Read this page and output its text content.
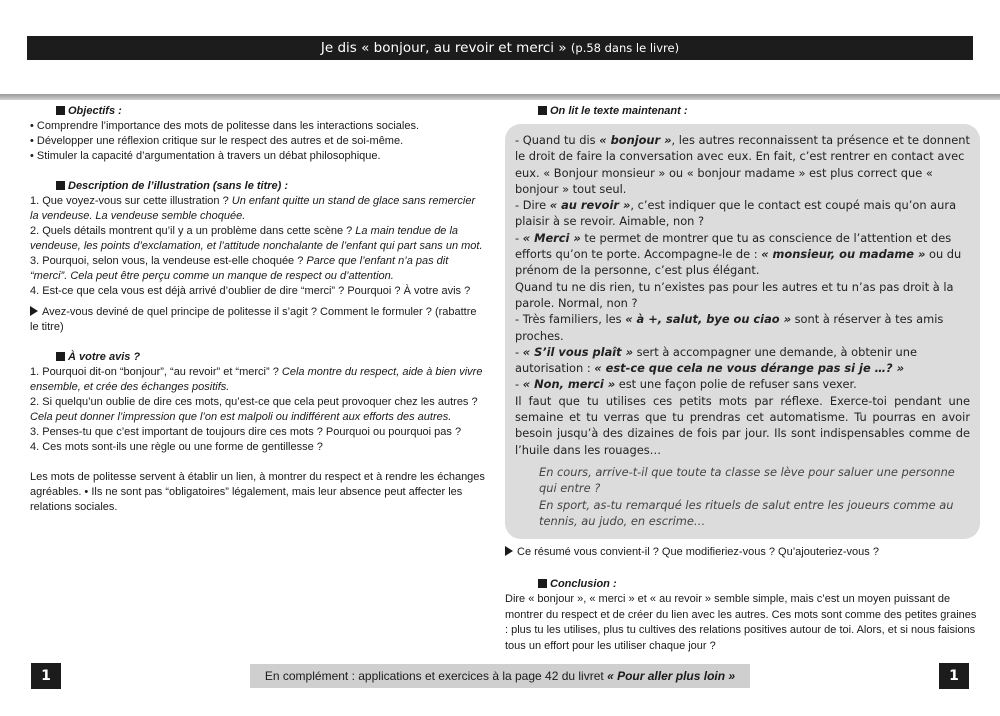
Je dis « bonjour, au revoir et merci » (p.58 dans le livre)

Objectifs :

• Comprendre l’importance des mots de politesse dans les interactions sociales.
• Développer une réflexion critique sur le respect des autres et de soi-même.
• Stimuler la capacité d’argumentation à travers un débat philosophique.

Description de l’illustration (sans le titre) :

1. Que voyez-vous sur cette illustration ? Un enfant quitte un stand de glace sans remercier la vendeuse. La vendeuse semble choquée.

2. Quels détails montrent qu’il y a un problème dans cette scène ? La main tendue de la vendeuse, les points d’exclamation, et l’attitude nonchalante de l’enfant qui part sans un mot.

3. Pourquoi, selon vous, la vendeuse est-elle choquée ? Parce que l’enfant n’a pas dit “merci”. Cela peut être perçu comme un manque de respect ou d’attention.

4. Est-ce que cela vous est déjà arrivé d’oublier de dire “merci” ? Pourquoi ? À votre avis ?

Avez-vous deviné de quel principe de politesse il s’agit ? Comment le formuler ? (rabattre le titre)

À votre avis ?

1. Pourquoi dit-on “bonjour”, “au revoir” et “merci” ? Cela montre du respect, aide à bien vivre ensemble, et crée des échanges positifs.

2. Si quelqu’un oublie de dire ces mots, qu’est-ce que cela peut provoquer chez les autres ? Cela peut donner l’impression que l’on est malpoli ou indifférent aux efforts des autres.

3. Penses-tu que c’est important de toujours dire ces mots ? Pourquoi ou pourquoi pas ?

4. Ces mots sont-ils une règle ou une forme de gentillesse ?

Les mots de politesse servent à établir un lien, à montrer du respect et à rendre les échanges agréables. • Ils ne sont pas “obligatoires” légalement, mais leur absence peut affecter les relations sociales.

On lit le texte maintenant :

- Quand tu dis « bonjour », les autres reconnaissent ta présence et te donnent le droit de faire la conversation avec eux. En fait, c’est rentrer en contact avec eux. « Bonjour monsieur » ou « bonjour madame » est plus correct que « bonjour » tout seul.

- Dire « au revoir », c’est indiquer que le contact est coupé mais qu’on aura plaisir à se revoir. Aimable, non ?

- « Merci » te permet de montrer que tu as conscience de l’attention et des efforts qu’on te porte. Accompagne-le de : « monsieur, ou madame » ou du prénom de la personne, c’est plus élégant.

Quand tu ne dis rien, tu n’existes pas pour les autres et tu n’as pas droit à la parole. Normal, non ?

- Très familiers, les « à +, salut, bye ou ciao » sont à réserver à tes amis proches.

- « S’il vous plaît » sert à accompagner une demande, à obtenir une autorisation : « est-ce que cela ne vous dérange pas si je …? »

- « Non, merci » est une façon polie de refuser sans vexer.

Il faut que tu utilises ces petits mots par réflexe. Exerce-toi pendant une semaine et tu verras que tu prendras cet automatisme. Tu pourras en avoir besoin jusqu’à des dizaines de fois par jour. Ils sont indispensables comme de l’huile dans les rouages…

En cours, arrive-t-il que toute ta classe se lève pour saluer une personne qui entre ?

En sport, as-tu remarqué les rituels de salut entre les joueurs comme au tennis, au judo, en escrime…

Ce résumé vous convient-il ? Que modifieriez-vous ? Qu’ajouteriez-vous ?

Conclusion :

Dire « bonjour », « merci » et « au revoir » semble simple, mais c’est un moyen puissant de montrer du respect et de créer du lien avec les autres. Ces mots sont comme des petites graines : plus tu les utilises, plus tu cultives des relations positives autour de toi. Alors, et si nous faisions tous un effort pour les utiliser chaque jour ?

1	En complément : applications et exercices à la page 42 du livret « Pour aller plus loin »	1
